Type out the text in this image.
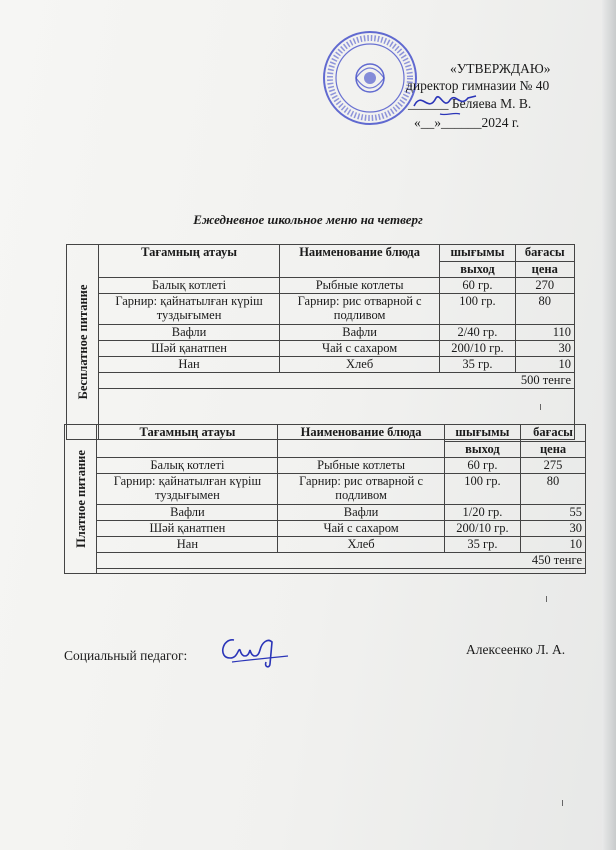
«УТВЕРЖДАЮ»
директор гимназии № 40
______ Беляева М. В.
«__»______2024 г.
Ежедневное школьное меню на четверг
Бесплатное питание	Тағамның атауы	Наименование блюда	шығымы	бағасы
			выход	цена
	Балық котлеті	Рыбные котлеты	60 гр.	270
	Гарнир: қайнатылған күріш туздығымен	Гарнир: рис отварной с подливом	100 гр.	80
	Вафли	Вафли	2/40 гр.	110
	Шәй қанатпен	Чай с сахаром	200/10 гр.	30
	Нан	Хлеб	35 гр.	10
	500 тенге			

Платное питание	Тағамның атауы	Наименование блюда	шығымы	бағасы
			выход	цена
	Балық котлеті	Рыбные котлеты	60 гр.	275
	Гарнир: қайнатылған күріш туздығымен	Гарнир: рис отварной с подливом	100 гр.	80
	Вафли	Вафли	1/20 гр.	55
	Шәй қанатпен	Чай с сахаром	200/10 гр.	30
	Нан	Хлеб	35 гр.	10
	450 тенге			

Социальный педагог:	Алексеенко Л. А.
